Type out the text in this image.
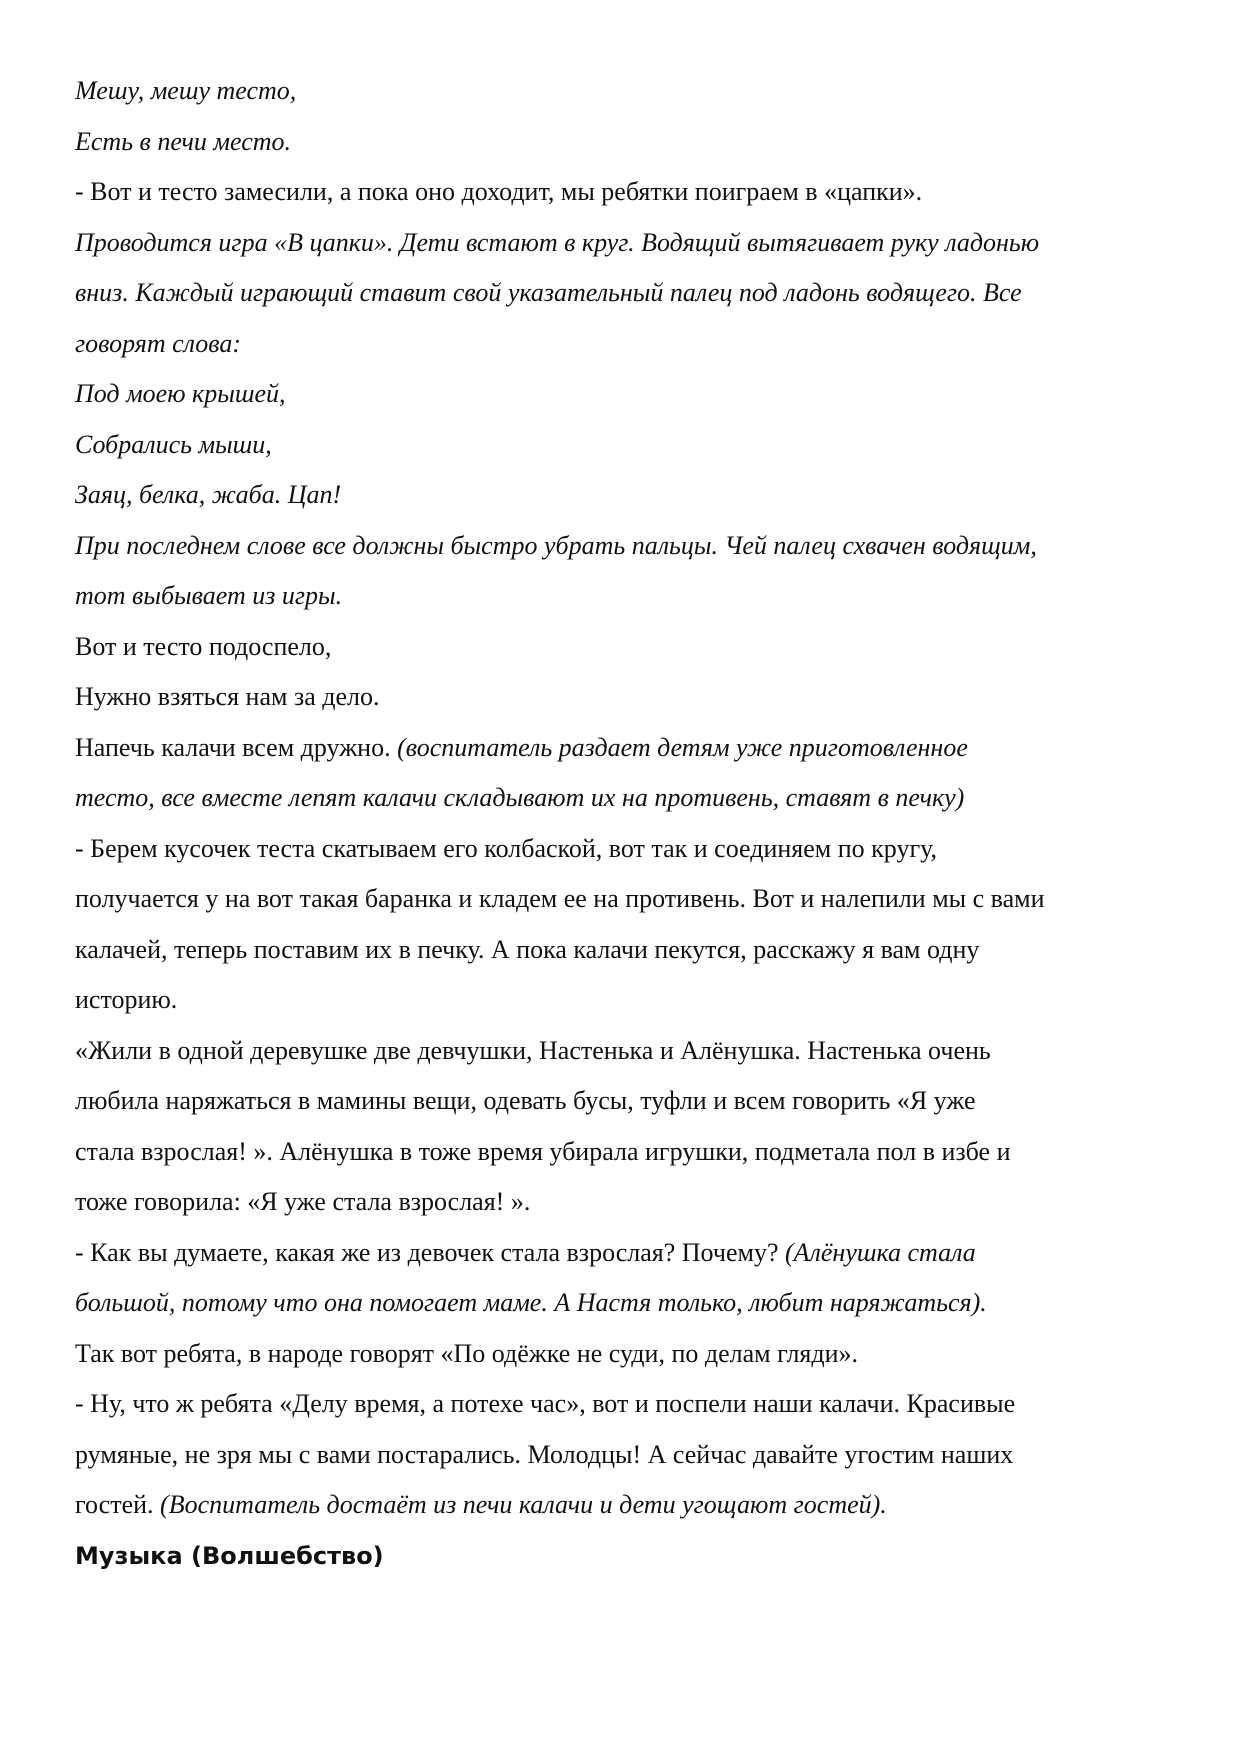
Мешу, мешу тесто,

Есть в печи место.

- Вот и тесто замесили, а пока оно доходит, мы ребятки поиграем в «цапки».

Проводится игра «В цапки». Дети встают в круг. Водящий вытягивает руку ладонью

вниз. Каждый играющий ставит свой указательный палец под ладонь водящего. Все

говорят слова:

Под моею крышей,

Собрались мыши,

Заяц, белка, жаба. Цап!

При последнем слове все должны быстро убрать пальцы. Чей палец схвачен водящим,

тот выбывает из игры.

Вот и тесто подоспело,

Нужно взяться нам за дело.

Напечь калачи всем дружно. (воспитатель раздает детям уже приготовленное

тесто, все вместе лепят калачи складывают их на противень, ставят в печку)

- Берем кусочек теста скатываем его колбаской, вот так и соединяем по кругу,

получается у на вот такая баранка и кладем ее на противень. Вот и налепили мы с вами

калачей, теперь поставим их в печку. А пока калачи пекутся, расскажу я вам одну

историю.

«Жили в одной деревушке две девчушки, Настенька и Алёнушка. Настенька очень

любила наряжаться в мамины вещи, одевать бусы, туфли и всем говорить «Я уже

стала взрослая! ». Алёнушка в тоже время убирала игрушки, подметала пол в избе и

тоже говорила: «Я уже стала взрослая! ».

- Как вы думаете, какая же из девочек стала взрослая? Почему? (Алёнушка стала

большой, потому что она помогает маме. А Настя только, любит наряжаться).

Так вот ребята, в народе говорят «По одёжке не суди, по делам гляди».

- Ну, что ж ребята «Делу время, а потехе час», вот и поспели наши калачи. Красивые

румяные, не зря мы с вами постарались. Молодцы! А сейчас давайте угостим наших

гостей. (Воспитатель достаёт из печи калачи и дети угощают гостей).

Музыка (Волшебство)
